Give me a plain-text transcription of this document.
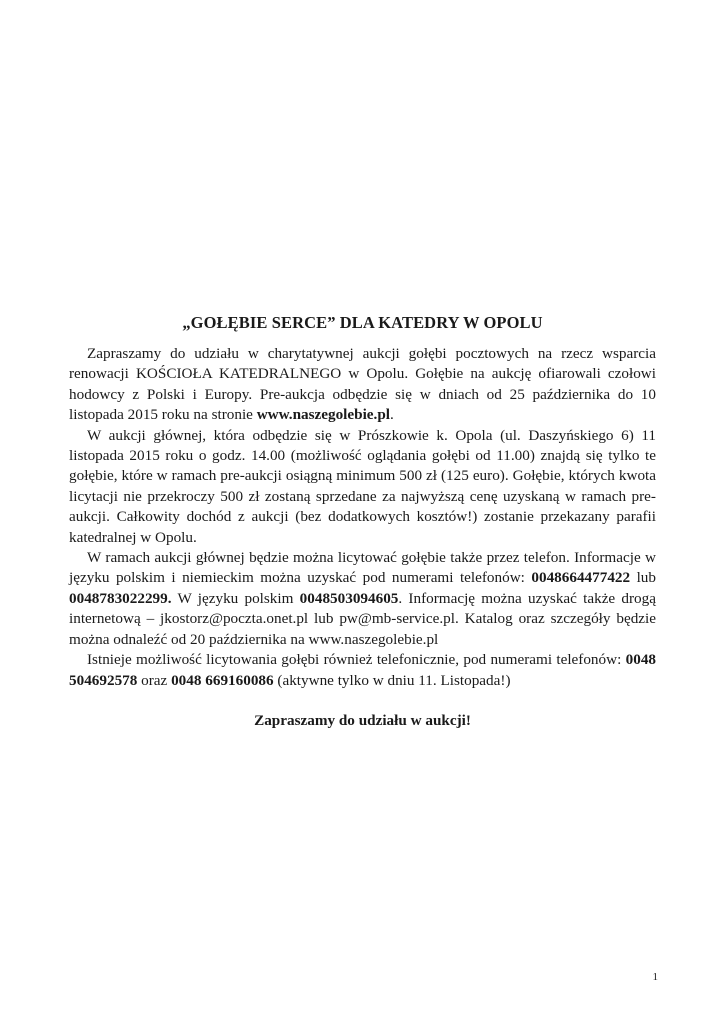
„GOŁĘBIE SERCE” DLA KATEDRY W OPOLU

Zapraszamy do udziału w charytatywnej aukcji gołębi pocztowych na rzecz wsparcia renowacji KOŚCIOŁA KATEDRALNEGO w Opolu. Gołębie na aukcję ofiarowali czołowi hodowcy z Polski i Europy. Pre-aukcja odbędzie się w dniach od 25 października do 10 listopada 2015 roku na stronie www.naszegolebie.pl.

W aukcji głównej, która odbędzie się w Prószkowie k. Opola (ul. Daszyńskiego 6) 11 listopada 2015 roku o godz. 14.00 (możliwość oglądania gołębi od 11.00) znajdą się tylko te gołębie, które w ramach pre-aukcji osiągną minimum 500 zł (125 euro). Gołębie, których kwota licytacji nie przekroczy 500 zł zostaną sprzedane za najwyższą cenę uzyskaną w ramach pre-aukcji. Całkowity dochód z aukcji (bez dodatkowych kosztów!) zostanie przekazany parafii katedralnej w Opolu.

W ramach aukcji głównej będzie można licytować gołębie także przez telefon. Informacje w języku polskim i niemieckim można uzyskać pod numerami telefonów: 0048664477422 lub 0048783022299. W języku polskim 0048503094605. Informację można uzyskać także drogą internetową – jkostorz@poczta.onet.pl lub pw@mb-service.pl. Katalog oraz szczegóły będzie można odnaleźć od 20 października na www.naszegolebie.pl

Istnieje możliwość licytowania gołębi również telefonicznie, pod numerami telefonów: 0048 504692578 oraz 0048 669160086 (aktywne tylko w dniu 11. Listopada!)

Zapraszamy do udziału w aukcji!

1
